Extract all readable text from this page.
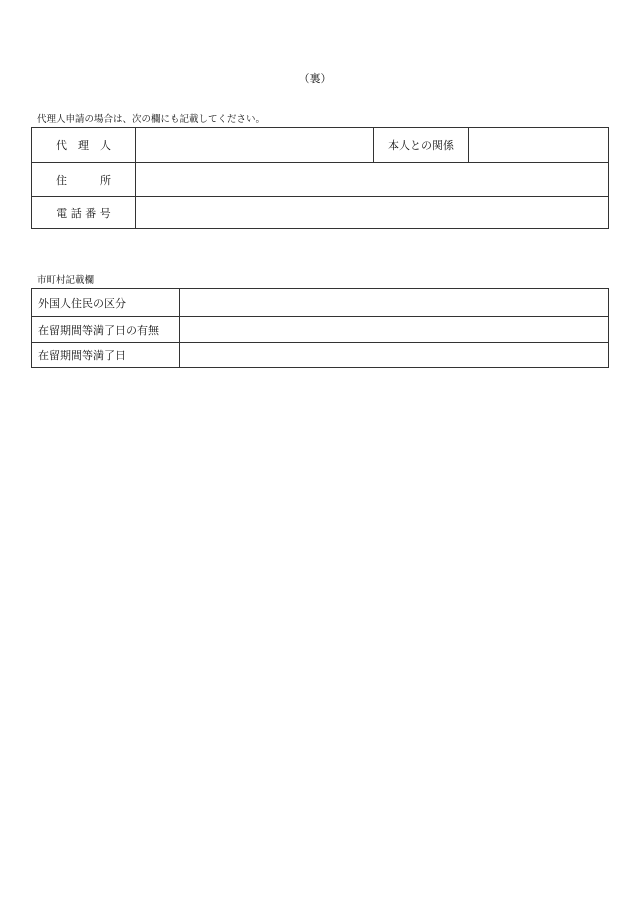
（裏）
代理人申請の場合は、次の欄にも記載してください。
代　理　人		本人との関係	
住　　　所			
電 話 番 号			
市町村記載欄
外国人住民の区分	
在留期間等満了日の有無	
在留期間等満了日	
